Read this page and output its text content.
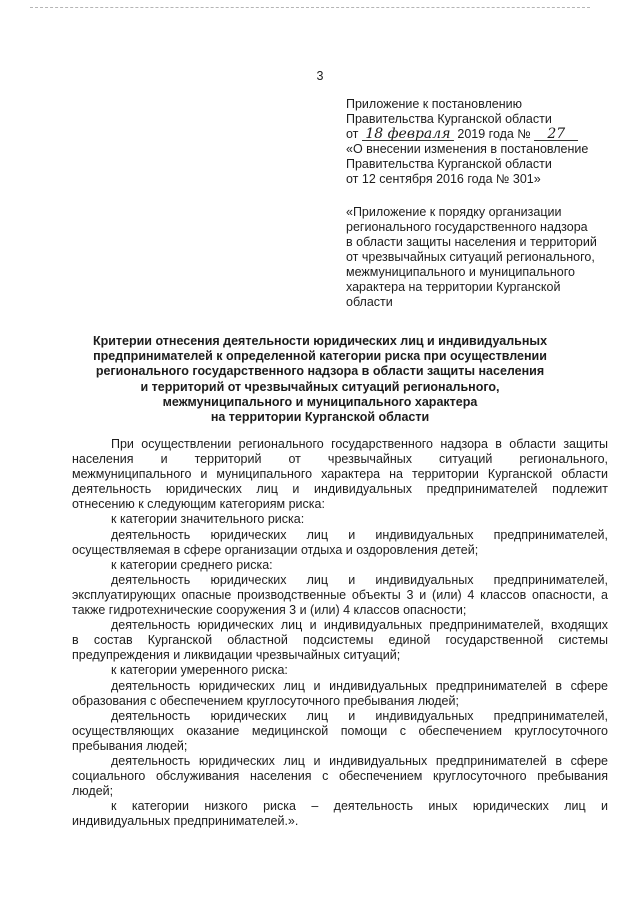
3
Приложение к постановлению
Правительства Курганской области
от 18 февраля 2019 года № 27
«О внесении изменения в постановление
Правительства Курганской области
от 12 сентября 2016 года № 301»
«Приложение к порядку организации
регионального государственного надзора
в области защиты населения и территорий
от чрезвычайных ситуаций регионального,
межмуниципального и муниципального
характера на территории Курганской
области
Критерии отнесения деятельности юридических лиц и индивидуальных
предпринимателей к определенной категории риска при осуществлении
регионального государственного надзора в области защиты населения
и территорий от чрезвычайных ситуаций регионального,
межмуниципального и муниципального характера
на территории Курганской области
При осуществлении регионального государственного надзора в области защиты
населения и территорий от чрезвычайных ситуаций регионального,
межмуниципального и муниципального характера на территории Курганской области
деятельность юридических лиц и индивидуальных предпринимателей подлежит
отнесению к следующим категориям риска:
к категории значительного риска:
деятельность юридических лиц и индивидуальных предпринимателей,
осуществляемая в сфере организации отдыха и оздоровления детей;
к категории среднего риска:
деятельность юридических лиц и индивидуальных предпринимателей,
эксплуатирующих опасные производственные объекты 3 и (или) 4 классов опасности, а
также гидротехнические сооружения 3 и (или) 4 классов опасности;
деятельность юридических лиц и индивидуальных предпринимателей, входящих
в состав Курганской областной подсистемы единой государственной системы
предупреждения и ликвидации чрезвычайных ситуаций;
к категории умеренного риска:
деятельность юридических лиц и индивидуальных предпринимателей в сфере
образования с обеспечением круглосуточного пребывания людей;
деятельность юридических лиц и индивидуальных предпринимателей,
осуществляющих оказание медицинской помощи с обеспечением круглосуточного
пребывания людей;
деятельность юридических лиц и индивидуальных предпринимателей в сфере
социального обслуживания населения с обеспечением круглосуточного пребывания
людей;
к категории низкого риска – деятельность иных юридических лиц и
индивидуальных предпринимателей.».
